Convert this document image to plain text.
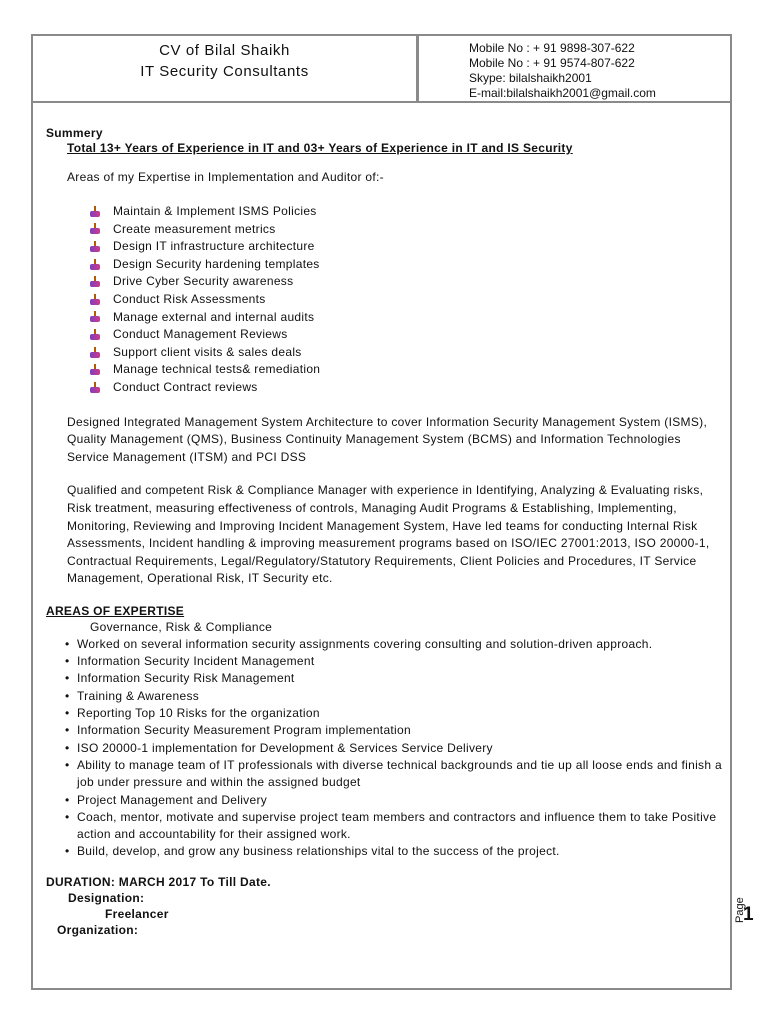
CV of Bilal Shaikh
IT Security Consultants
Mobile No : + 91 9898-307-622
Mobile No : + 91 9574-807-622
Skype: bilalshaikh2001
E-mail:bilalshaikh2001@gmail.com
Summery
Total 13+ Years of Experience in IT and 03+ Years of Experience in IT and IS Security
Areas of my Expertise in Implementation and Auditor of:-
Maintain & Implement ISMS Policies
Create measurement metrics
Design IT infrastructure architecture
Design Security hardening templates
Drive Cyber Security awareness
Conduct Risk Assessments
Manage external and internal audits
Conduct Management Reviews
Support client visits & sales deals
Manage technical tests& remediation
Conduct Contract reviews
Designed Integrated Management System Architecture to cover Information Security Management System (ISMS), Quality Management (QMS), Business Continuity Management System (BCMS) and Information Technologies Service Management (ITSM) and PCI DSS
Qualified and competent Risk & Compliance Manager with experience in Identifying, Analyzing & Evaluating risks, Risk treatment, measuring effectiveness of controls, Managing Audit Programs & Establishing, Implementing, Monitoring, Reviewing and Improving Incident Management System, Have led teams for conducting Internal Risk Assessments, Incident handling & improving measurement programs based on ISO/IEC 27001:2013, ISO 20000-1, Contractual Requirements, Legal/Regulatory/Statutory Requirements, Client Policies and Procedures, IT Service Management, Operational Risk, IT Security etc.
AREAS OF EXPERTISE
Governance, Risk & Compliance
• Worked on several information security assignments covering consulting and solution-driven approach.
• Information Security Incident Management
• Information Security Risk Management
• Training & Awareness
• Reporting Top 10 Risks for the organization
• Information Security Measurement Program implementation
• ISO 20000-1 implementation for Development & Services Service Delivery
• Ability to manage team of IT professionals with diverse technical backgrounds and tie up all loose ends and finish a job under pressure and within the assigned budget
• Project Management and Delivery
• Coach, mentor, motivate and supervise project team members and contractors and influence them to take Positive action and accountability for their assigned work.
• Build, develop, and grow any business relationships vital to the success of the project.
DURATION: MARCH 2017 To Till Date.
Designation:
Freelancer
Organization:
Page
1
